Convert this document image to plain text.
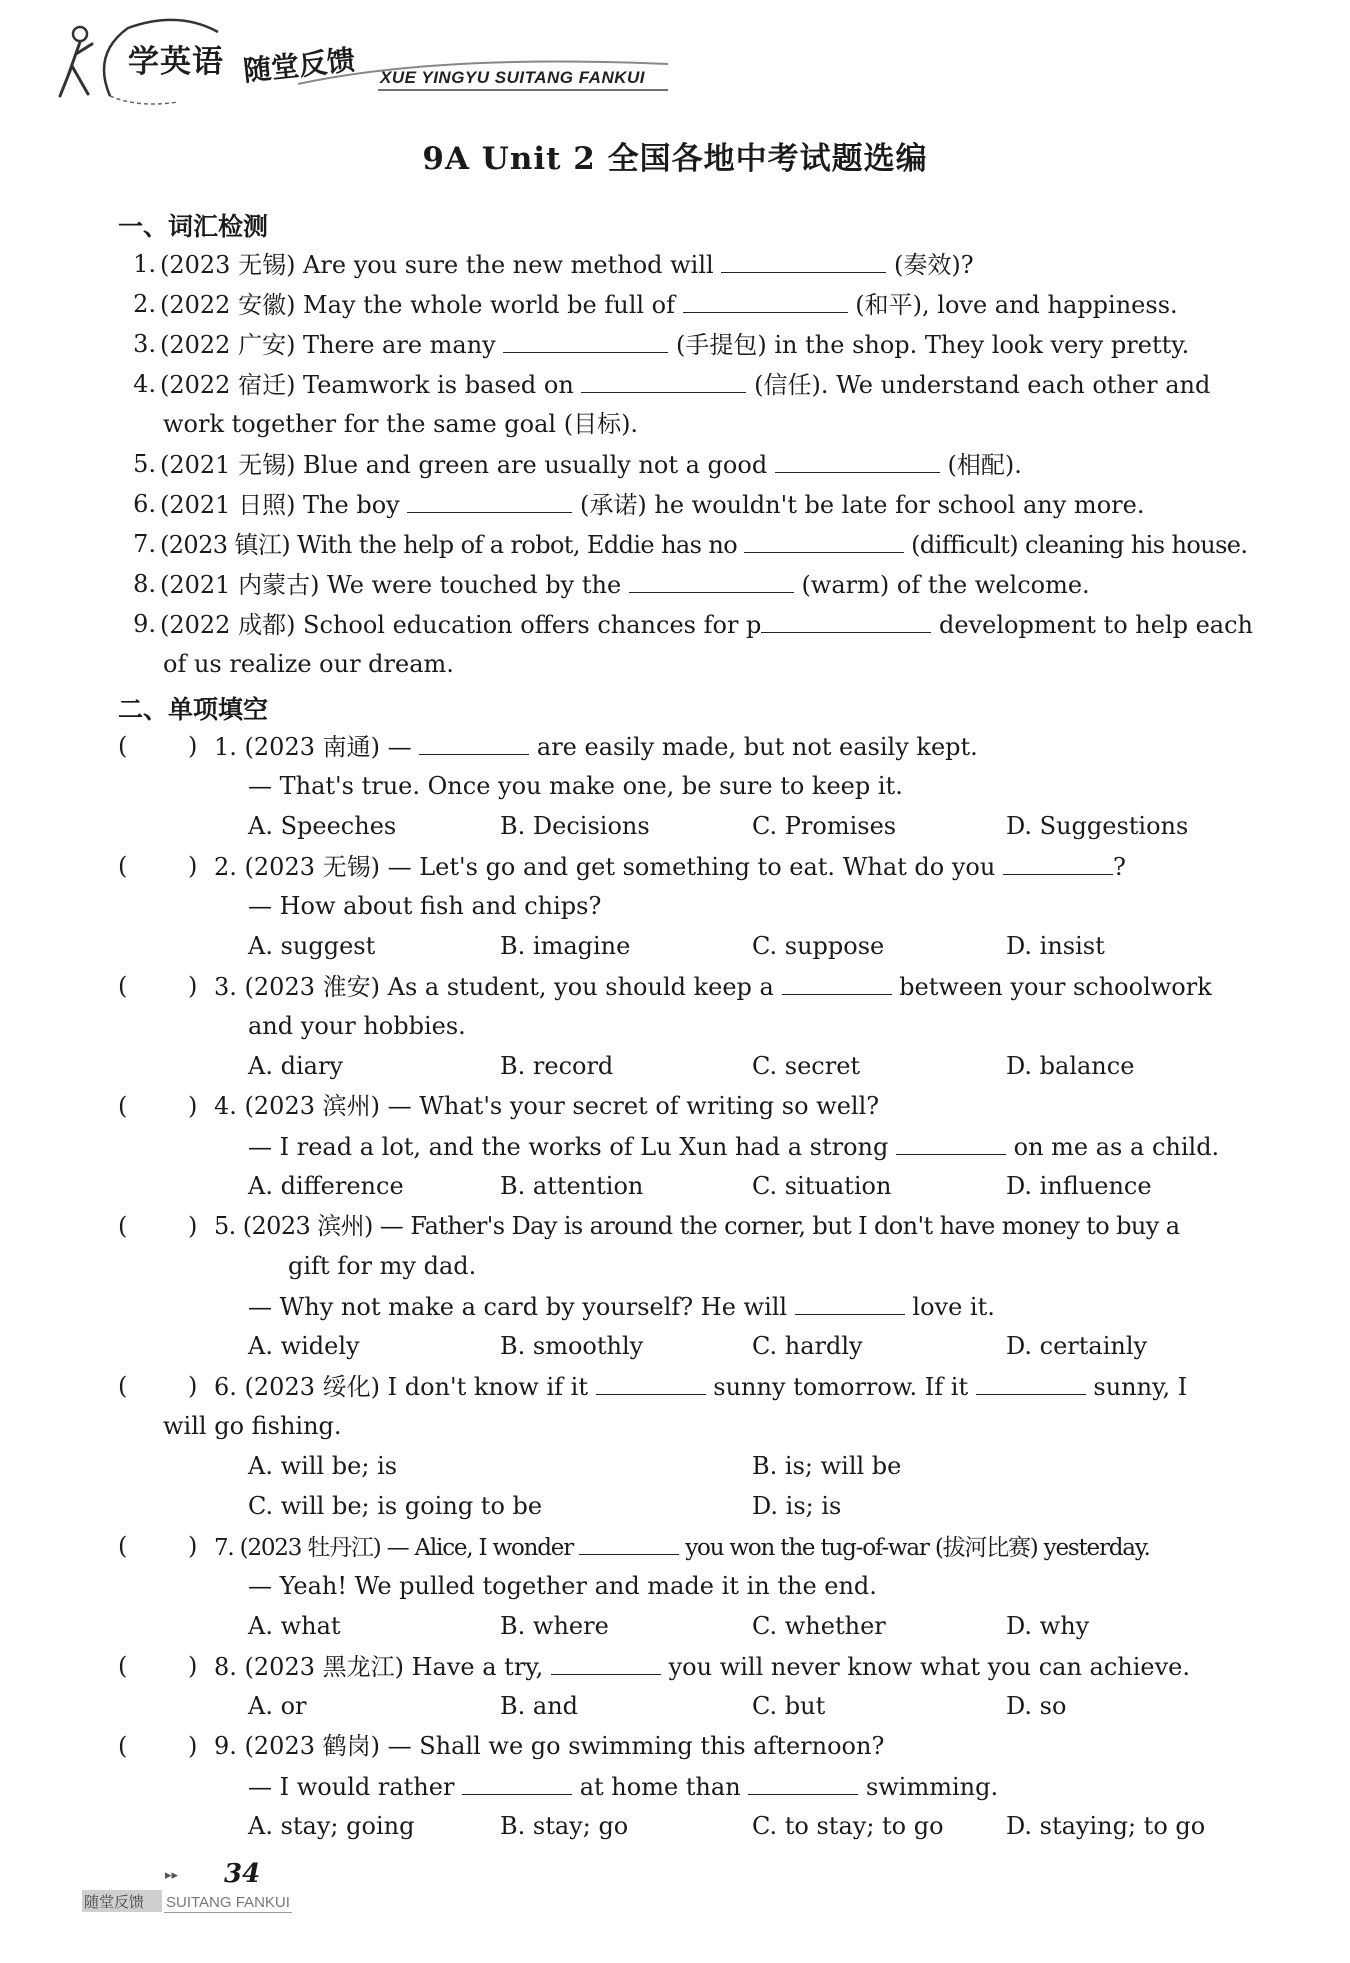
学英语 随堂反馈 XUE YINGYU SUITANG FANKUI
9A Unit 2 全国各地中考试题选编
一、词汇检测
1. (2023 无锡) Are you sure the new method will	(奏效)?
2. (2022 安徽) May the whole world be full of	(和平), love and happiness.
3. (2022 广安) There are many	(手提包) in the shop. They look very pretty.
4. (2022 宿迁) Teamwork is based on	(信任). We understand each other and
work together for the same goal (目标).
5. (2021 无锡) Blue and green are usually not a good	(相配).
6. (2021 日照) The boy	(承诺) he wouldn't be late for school any more.
7. (2023 镇江) With the help of a robot, Eddie has no	(difficult) cleaning his house.
8. (2021 内蒙古) We were touched by the	(warm) of the welcome.
9. (2022 成都) School education offers chances for p	development to help each
of us realize our dream.
二、单项填空
(	) 1. (2023 南通) —	are easily made, but not easily kept.
— That's true. Once you make one, be sure to keep it.
A. Speeches	B. Decisions	C. Promises	D. Suggestions
(	) 2. (2023 无锡) — Let's go and get something to eat. What do you	?
— How about fish and chips?
A. suggest	B. imagine	C. suppose	D. insist
(	) 3. (2023 淮安) As a student, you should keep a	between your schoolwork
and your hobbies.
A. diary	B. record	C. secret	D. balance
(	) 4. (2023 滨州) — What's your secret of writing so well?
— I read a lot, and the works of Lu Xun had a strong	on me as a child.
A. difference	B. attention	C. situation	D. influence
(	) 5. (2023 滨州) — Father's Day is around the corner, but I don't have money to buy a
gift for my dad.
— Why not make a card by yourself? He will	love it.
A. widely	B. smoothly	C. hardly	D. certainly
(	) 6. (2023 绥化) I don't know if it	sunny tomorrow. If it	sunny, I
will go fishing.
A. will be; is	B. is; will be
C. will be; is going to be	D. is; is
(	) 7. (2023 牡丹江) — Alice, I wonder	you won the tug-of-war (拔河比赛) yesterday.
— Yeah! We pulled together and made it in the end.
A. what	B. where	C. whether	D. why
(	) 8. (2023 黑龙江) Have a try,	you will never know what you can achieve.
A. or	B. and	C. but	D. so
(	) 9. (2023 鹤岗) — Shall we go swimming this afternoon?
— I would rather	at home than	swimming.
A. stay; going	B. stay; go	C. to stay; to go	D. staying; to go
▸▸ 34
随堂反馈 SUITANG FANKUI
